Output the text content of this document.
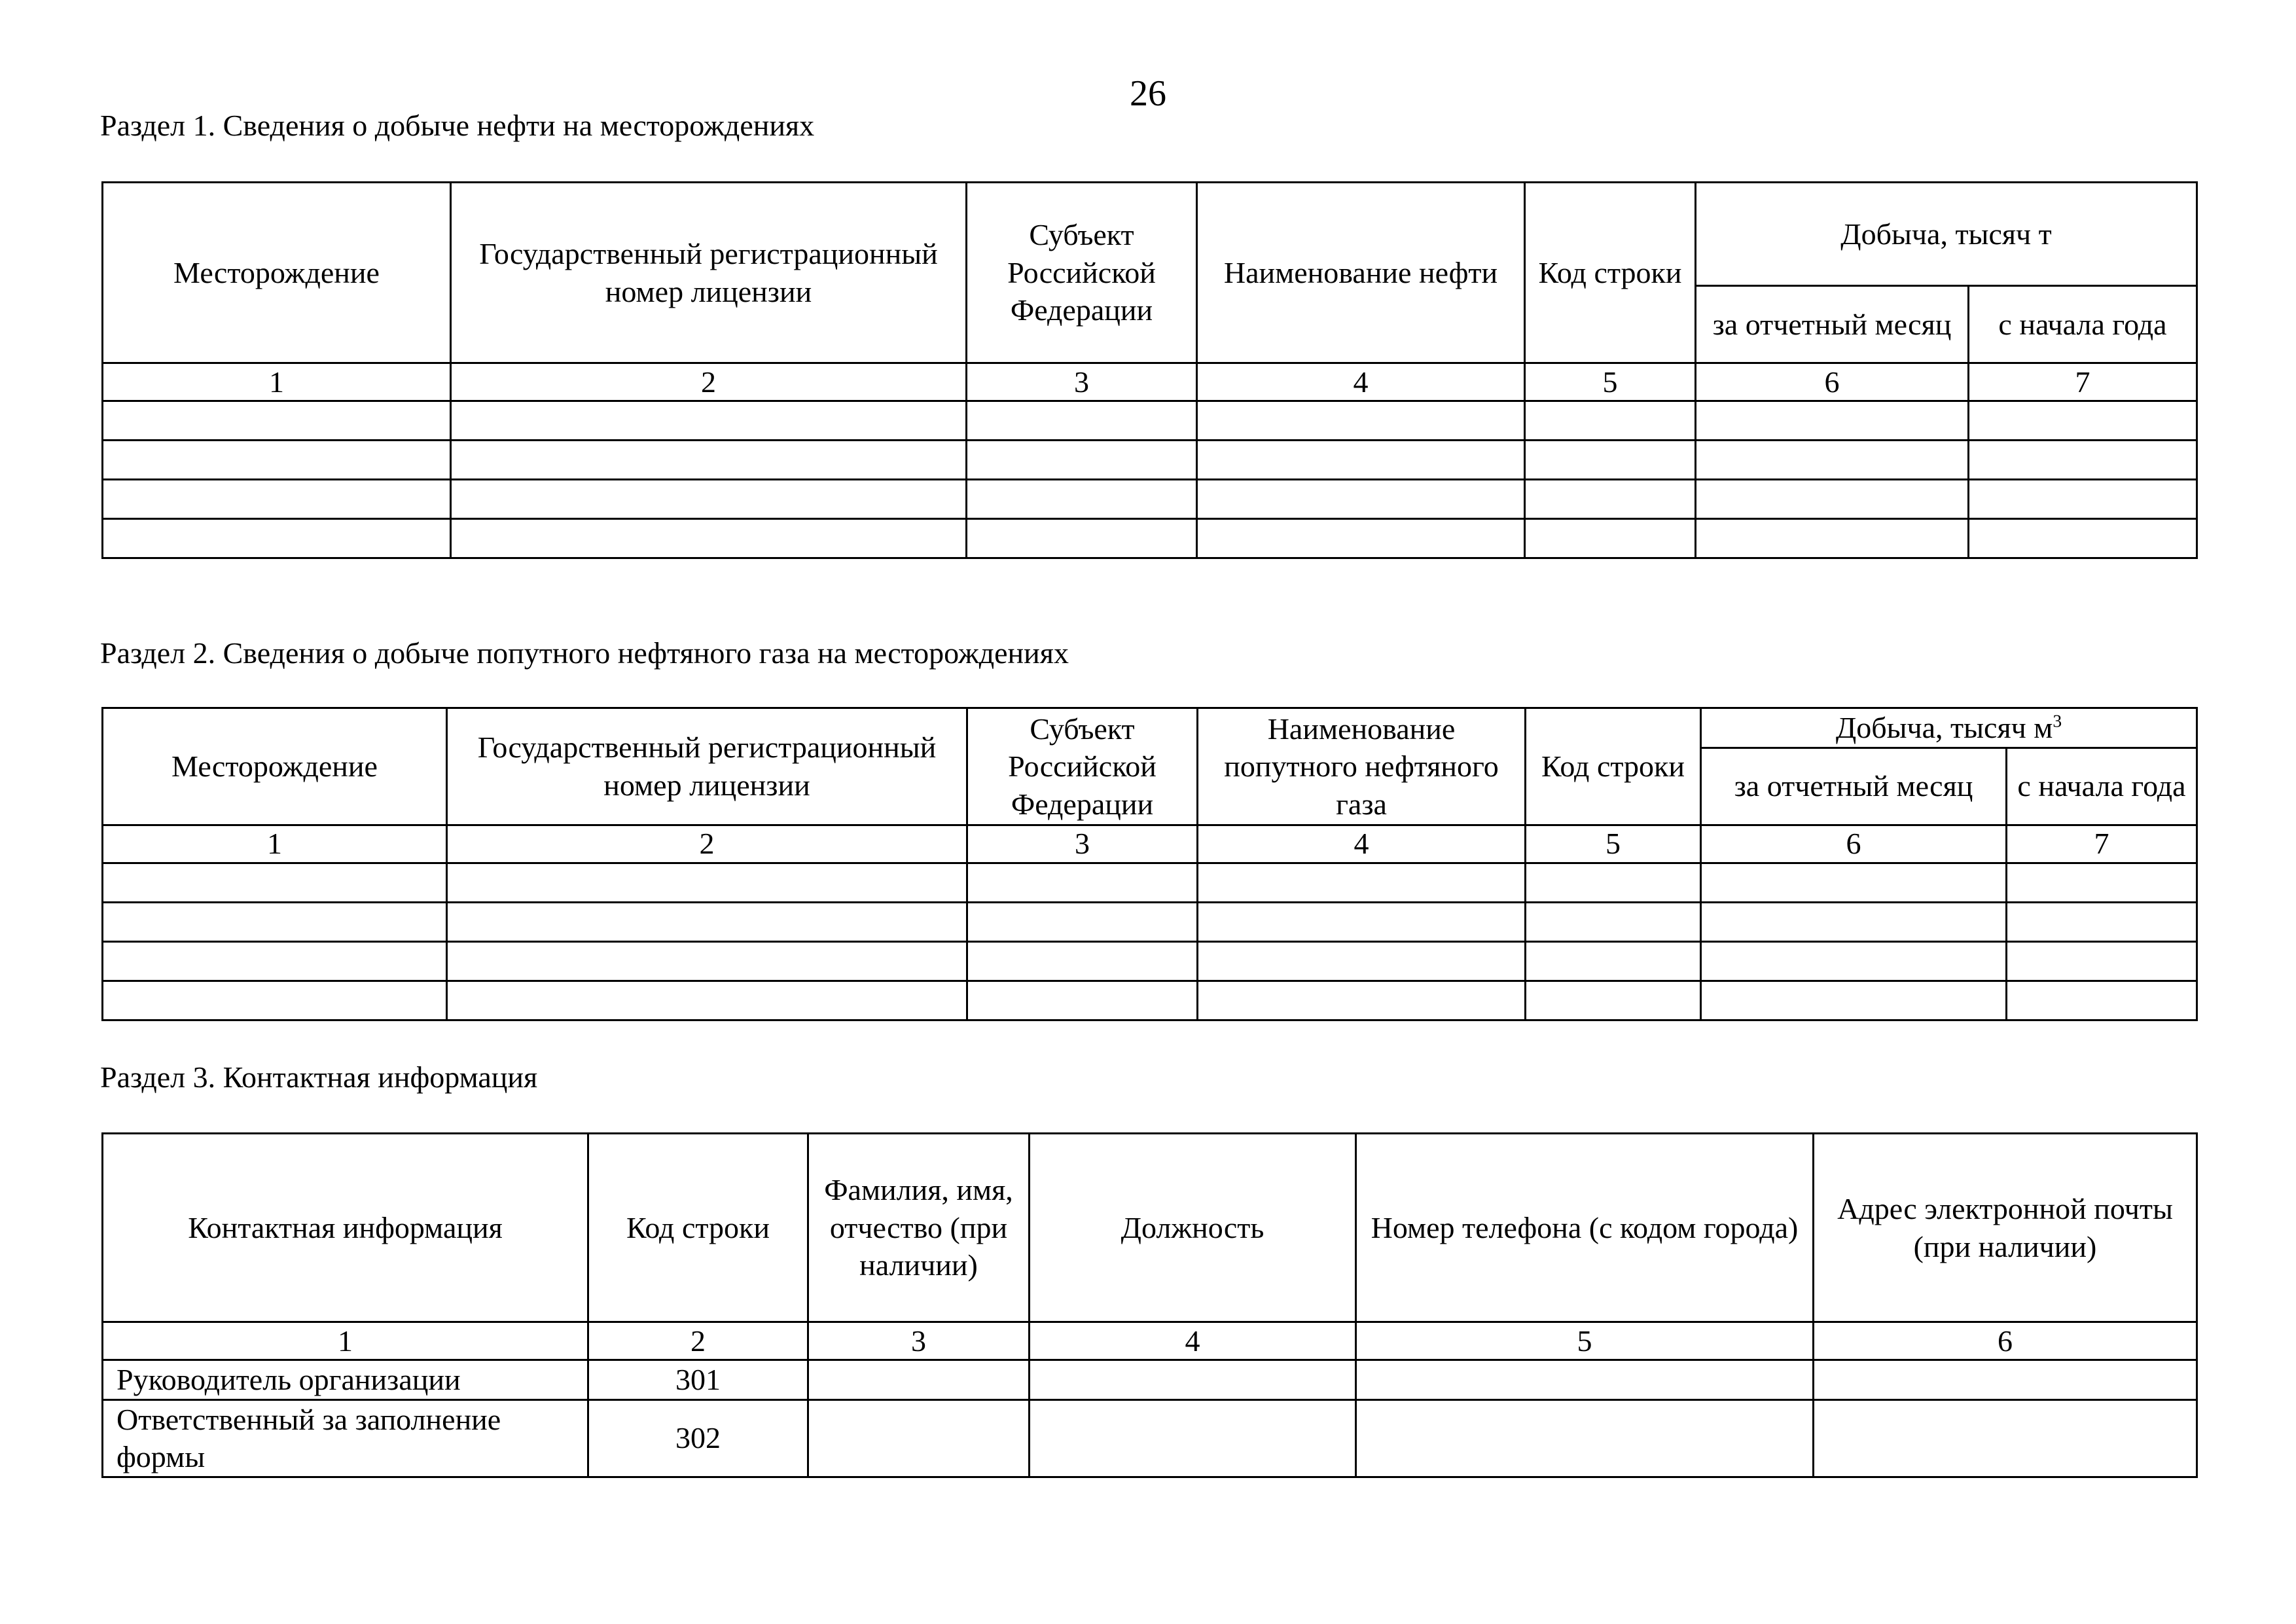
26
Раздел 1. Сведения о добыче нефти на месторождениях
Месторождение	Государственный регистрационный номер лицензии	Субъект Российской Федерации	Наименование нефти	Код строки	Добыча, тысяч т	
					за отчетный месяц	с начала года
1	2	3	4	5	6	7

Раздел 2. Сведения о добыче попутного нефтяного газа на месторождениях
Месторождение	Государственный регистрационный номер лицензии	Субъект Российской Федерации	Наименование попутного нефтяного газа	Код строки	Добыча, тысяч $м^3$
					за отчетный месяц	с начала года
1	2	3	4	5	6	7

Раздел 3. Контактная информация
Контактная информация	Код строки	Фамилия, имя, отчество (при наличии)	Должность	Номер телефона (с кодом города)	Адрес электронной почты (при наличии)
1	2	3	4	5	6
Руководитель организации	301				
Ответственный за заполнение формы	302				
